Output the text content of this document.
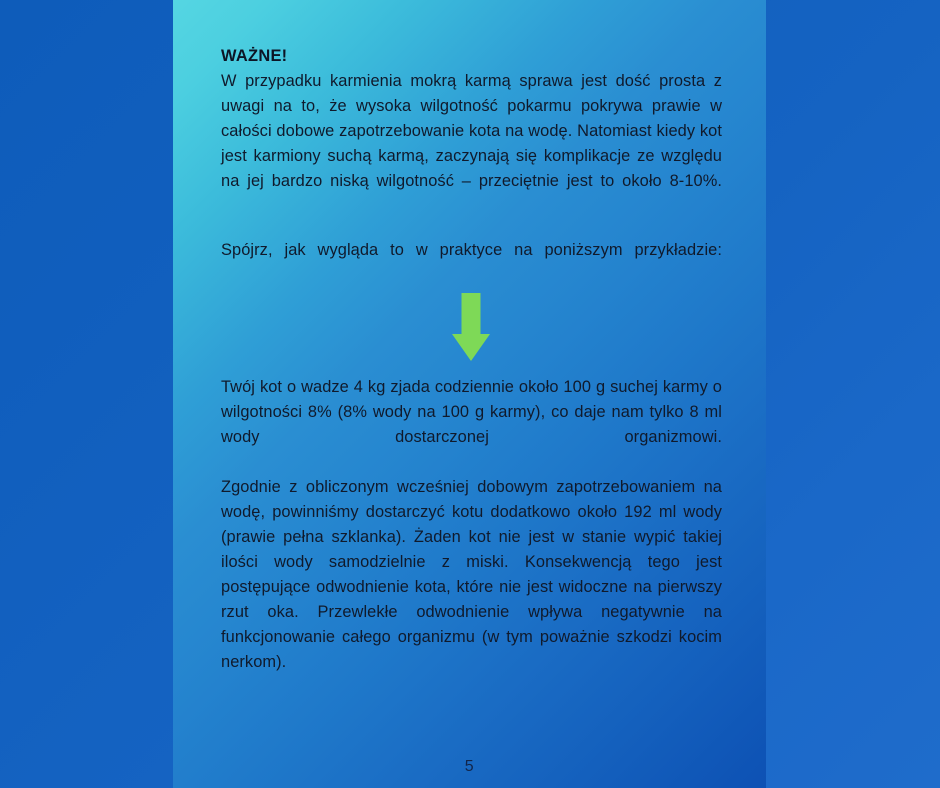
WAŻNE!

W przypadku karmienia mokrą karmą sprawa jest dość prosta z uwagi na to, że wysoka wilgotność pokarmu pokrywa prawie w całości dobowe zapotrzebowanie kota na wodę. Natomiast kiedy kot jest karmiony suchą karmą, zaczynają się komplikacje ze względu na jej bardzo niską wilgotność – przeciętnie jest to około 8-10%.

Spójrz, jak wygląda to w praktyce na poniższym przykładzie:

Twój kot o wadze 4 kg zjada codziennie około 100 g suchej karmy o wilgotności 8% (8% wody na 100 g karmy), co daje nam tylko 8 ml wody dostarczonej organizmowi.

Zgodnie z obliczonym wcześniej dobowym zapotrzebowaniem na wodę, powinniśmy dostarczyć kotu dodatkowo około 192 ml wody (prawie pełna szklanka). Żaden kot nie jest w stanie wypić takiej ilości wody samodzielnie z miski. Konsekwencją tego jest postępujące odwodnienie kota, które nie jest widoczne na pierwszy rzut oka. Przewlekłe odwodnienie wpływa negatywnie na funkcjonowanie całego organizmu (w tym poważnie szkodzi kocim nerkom).

5
